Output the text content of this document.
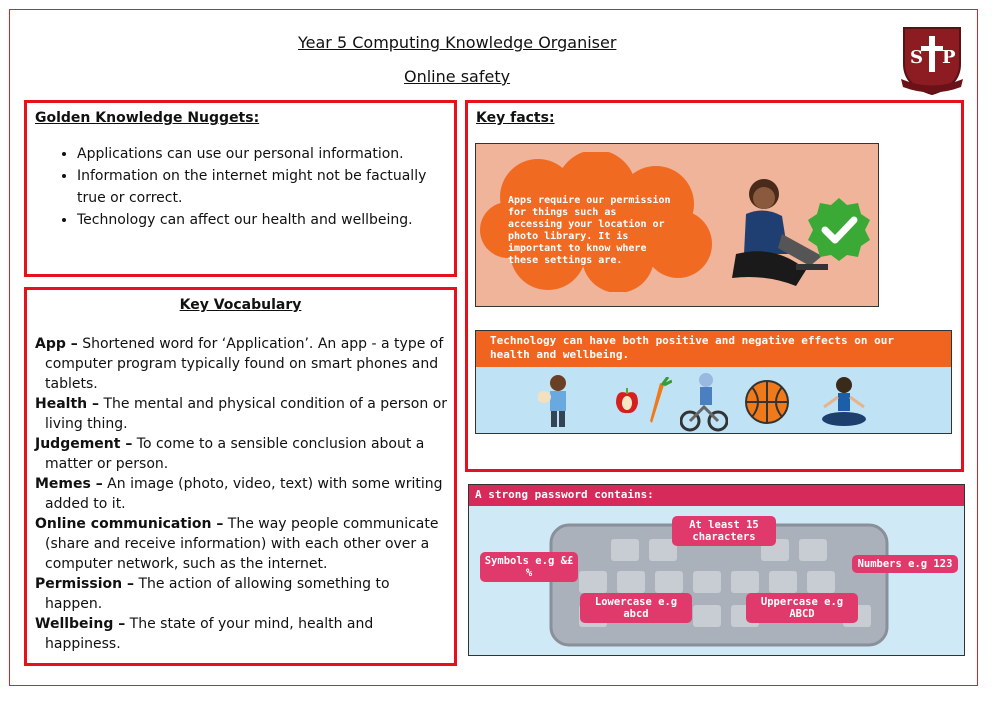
Year 5 Computing Knowledge Organiser
Online safety
S P
Golden Knowledge Nuggets:
• Applications can use our personal information.
• Information on the internet might not be factually true or correct.
• Technology can affect our health and wellbeing.
Key Vocabulary

App – Shortened word for ‘Application’. An app - a type of computer program typically found on smart phones and tablets.

Health – The mental and physical condition of a person or living thing.

Judgement – To come to a sensible conclusion about a matter or person.

Memes – An image (photo, video, text) with some writing added to it.

Online communication – The way people communicate (share and receive information) with each other over a computer network, such as the internet.

Permission – The action of allowing something to happen.

Wellbeing – The state of your mind, health and happiness.

Key facts:
Apps require our permission for things such as accessing your location or photo library. It is important to know where these settings are.
Technology can have both positive and negative effects on our health and wellbeing.
A strong password contains:
At least 15 characters
Symbols e.g &£%
Numbers e.g 123
Lowercase e.g abcd
Uppercase e.g ABCD
